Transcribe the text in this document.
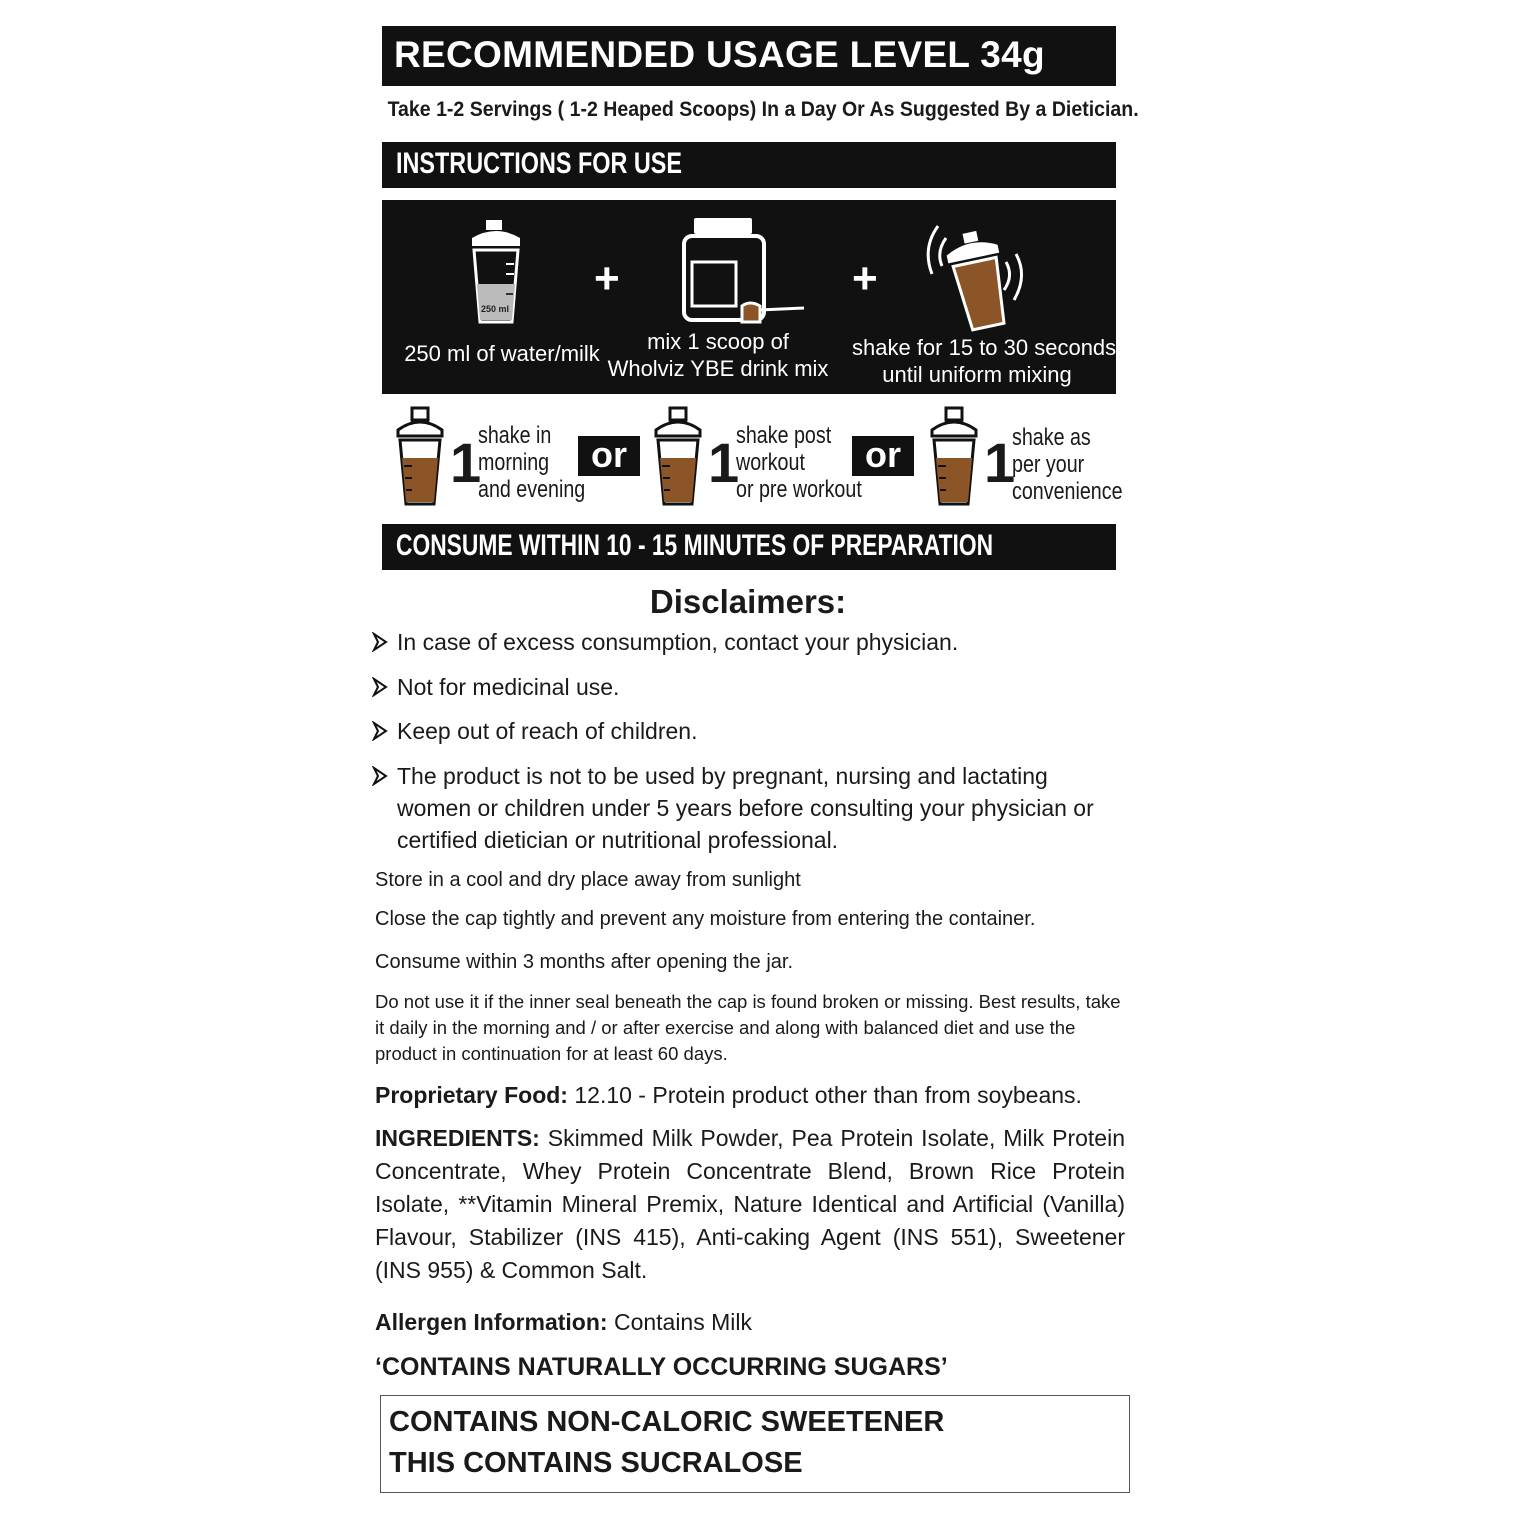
RECOMMENDED USAGE LEVEL 34g
Take 1-2 Servings ( 1-2 Heaped Scoops) In a Day Or As Suggested By a Dietician.
INSTRUCTIONS FOR USE
250 ml
250 ml of water/milk
+
mix 1 scoop of
Wholviz YBE drink mix
+
shake for 15 to 30 seconds
until uniform mixing
1
shake in
morning
and evening
or 1
shake post
workout
or pre workout
or 1
shake as
per your
convenience
CONSUME WITHIN 10 - 15 MINUTES OF PREPARATION
Disclaimers:
In case of excess consumption, contact your physician.
Not for medicinal use.
Keep out of reach of children.
The product is not to be used by pregnant, nursing and lactating women or children under 5 years before consulting your physician or certified dietician or nutritional professional.
Store in a cool and dry place away from sunlight
Close the cap tightly and prevent any moisture from entering the container.
Consume within 3 months after opening the jar.
Do not use it if the inner seal beneath the cap is found broken or missing. Best results, take it daily in the morning and / or after exercise and along with balanced diet and use the product in continuation for at least 60 days.
Proprietary Food: 12.10 - Protein product other than from soybeans.
INGREDIENTS: Skimmed Milk Powder, Pea Protein Isolate, Milk Protein Concentrate, Whey Protein Concentrate Blend, Brown Rice Protein Isolate, **Vitamin Mineral Premix, Nature Identical and Artificial (Vanilla) Flavour, Stabilizer (INS 415), Anti-caking Agent (INS 551), Sweetener (INS 955) & Common Salt.
Allergen Information: Contains Milk
‘CONTAINS NATURALLY OCCURRING SUGARS’
CONTAINS NON-CALORIC SWEETENER
THIS CONTAINS SUCRALOSE
